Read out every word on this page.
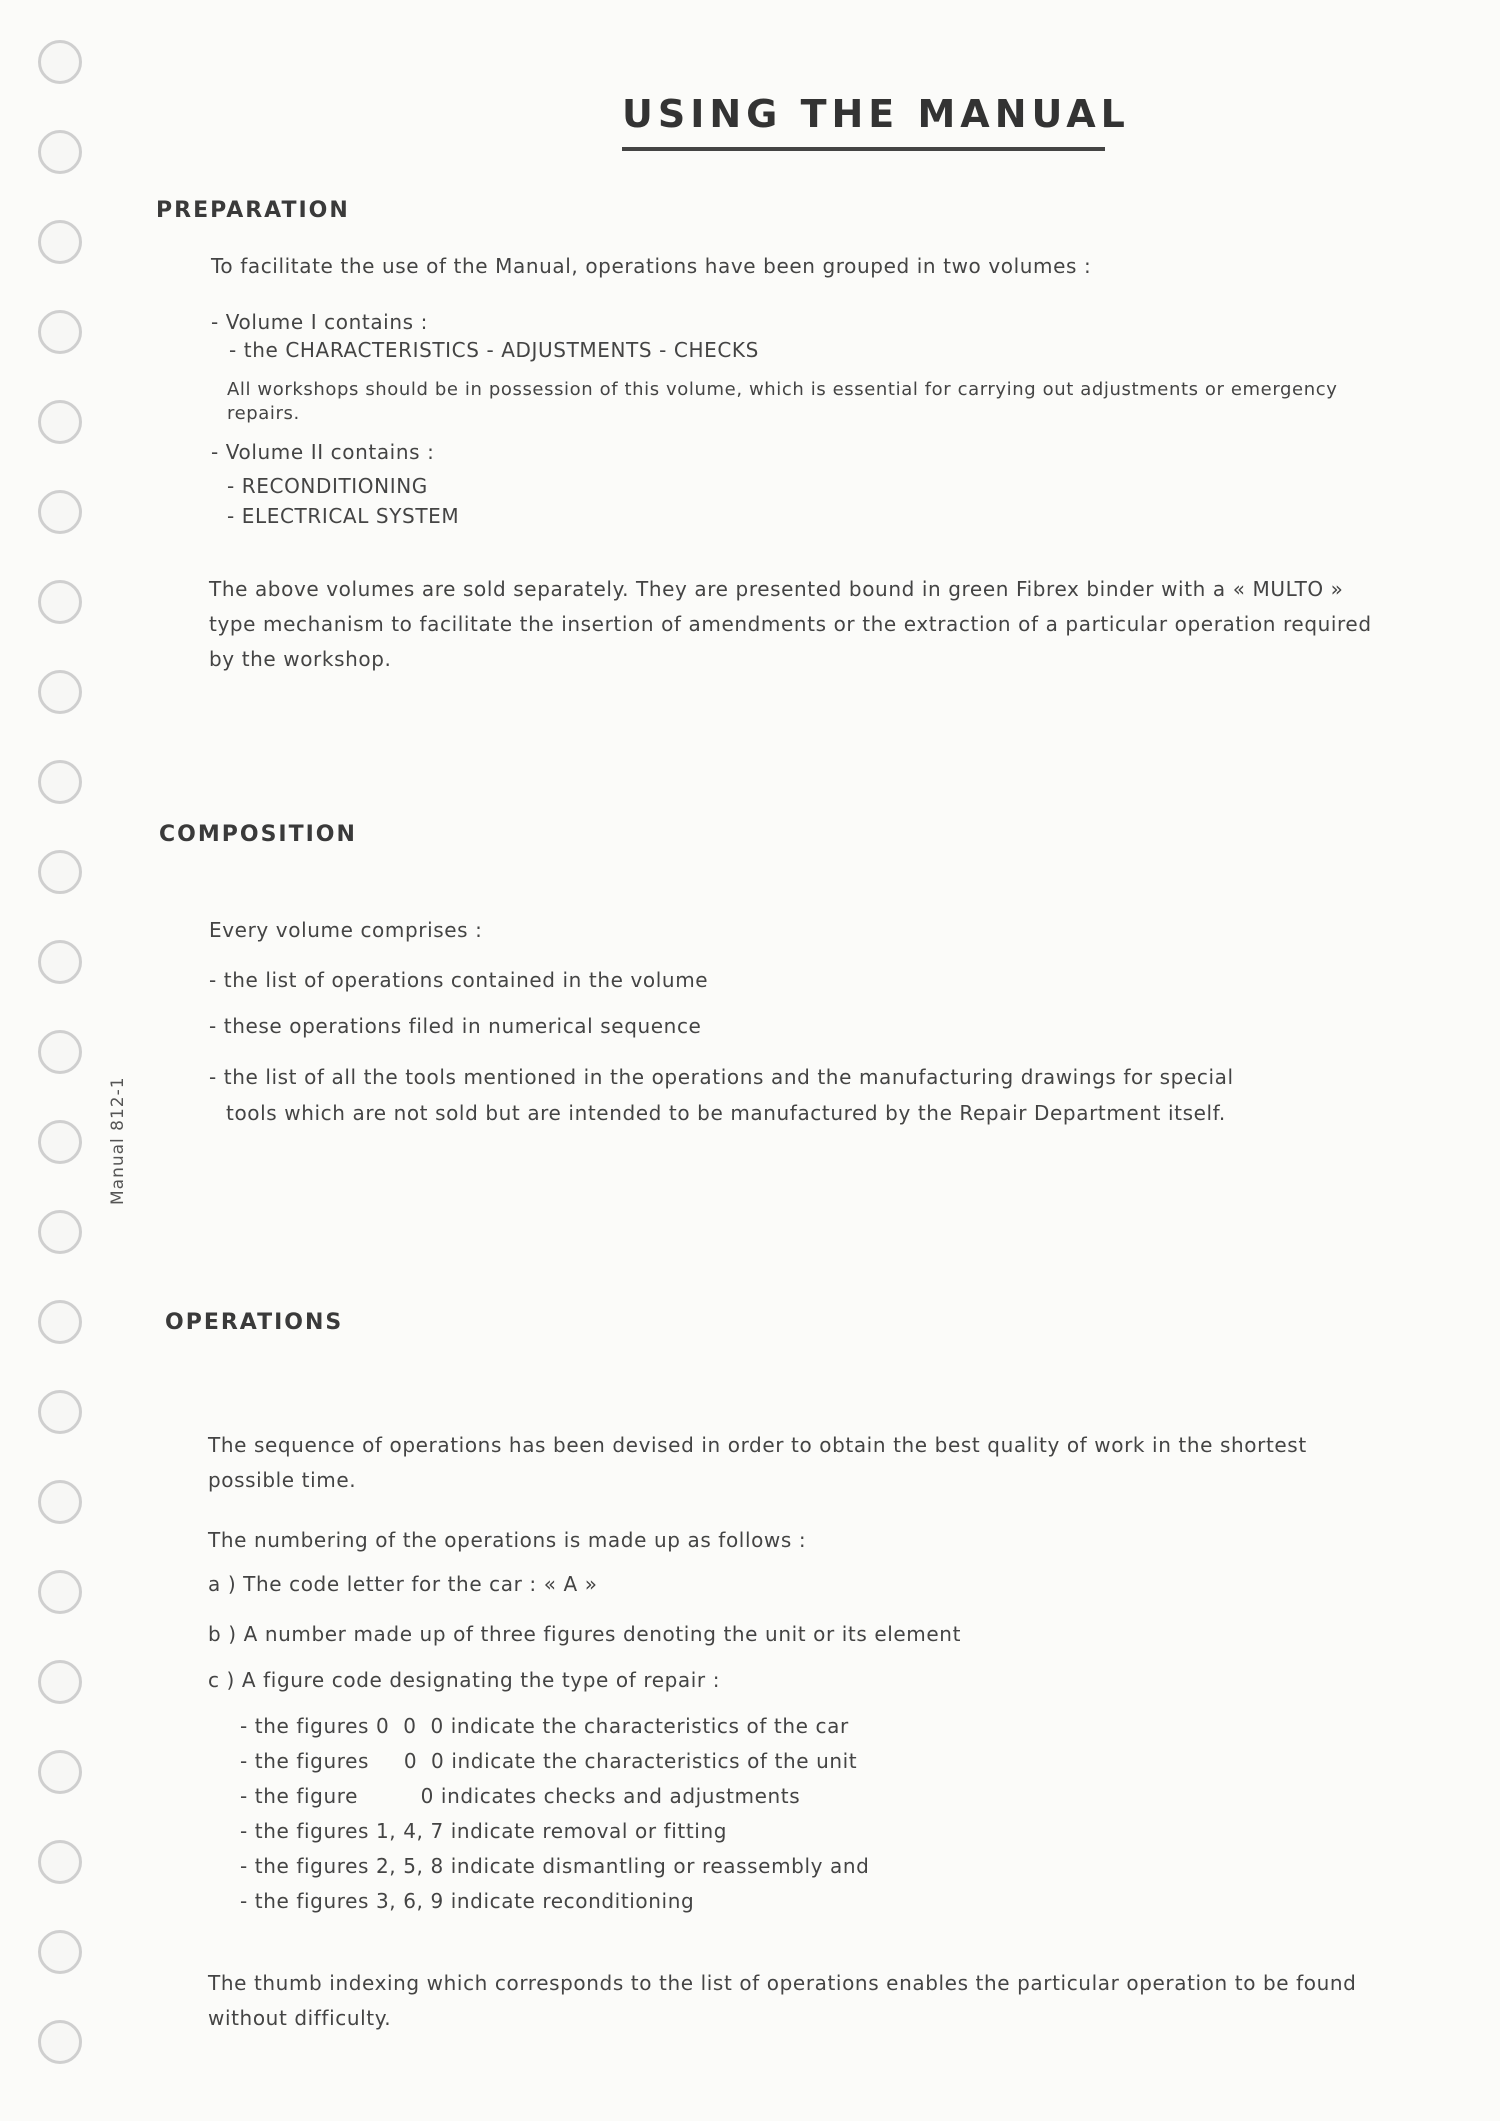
Manual 812-1
USING THE MANUAL
PREPARATION
To facilitate the use of the Manual, operations have been grouped in two volumes :
- Volume I contains :
- the CHARACTERISTICS - ADJUSTMENTS - CHECKS

All workshops should be in possession of this volume, which is essential for carrying out adjustments or emergency repairs.

- Volume II contains :
- RECONDITIONING
- ELECTRICAL SYSTEM

The above volumes are sold separately. They are presented bound in green Fibrex binder with a « MULTO » type mechanism to facilitate the insertion of amendments or the extraction of a particular operation required by the workshop.

COMPOSITION
Every volume comprises :
- the list of operations contained in the volume
- these operations filed in numerical sequence
- the list of all the tools mentioned in the operations and the manufacturing drawings for special
tools which are not sold but are intended to be manufactured by the Repair Department itself.
OPERATIONS

The sequence of operations has been devised in order to obtain the best quality of work in the shortest possible time.

The numbering of the operations is made up as follows :
a ) The code letter for the car : « A »
b ) A number made up of three figures denoting the unit or its element
c ) A figure code designating the type of repair :
- the figures 0  0  0 indicate the characteristics of the car
- the figures     0  0 indicate the characteristics of the unit
- the figure         0 indicates checks and adjustments
- the figures 1, 4, 7 indicate removal or fitting
- the figures 2, 5, 8 indicate dismantling or reassembly and
- the figures 3, 6, 9 indicate reconditioning

The thumb indexing which corresponds to the list of operations enables the particular operation to be found without difficulty.
